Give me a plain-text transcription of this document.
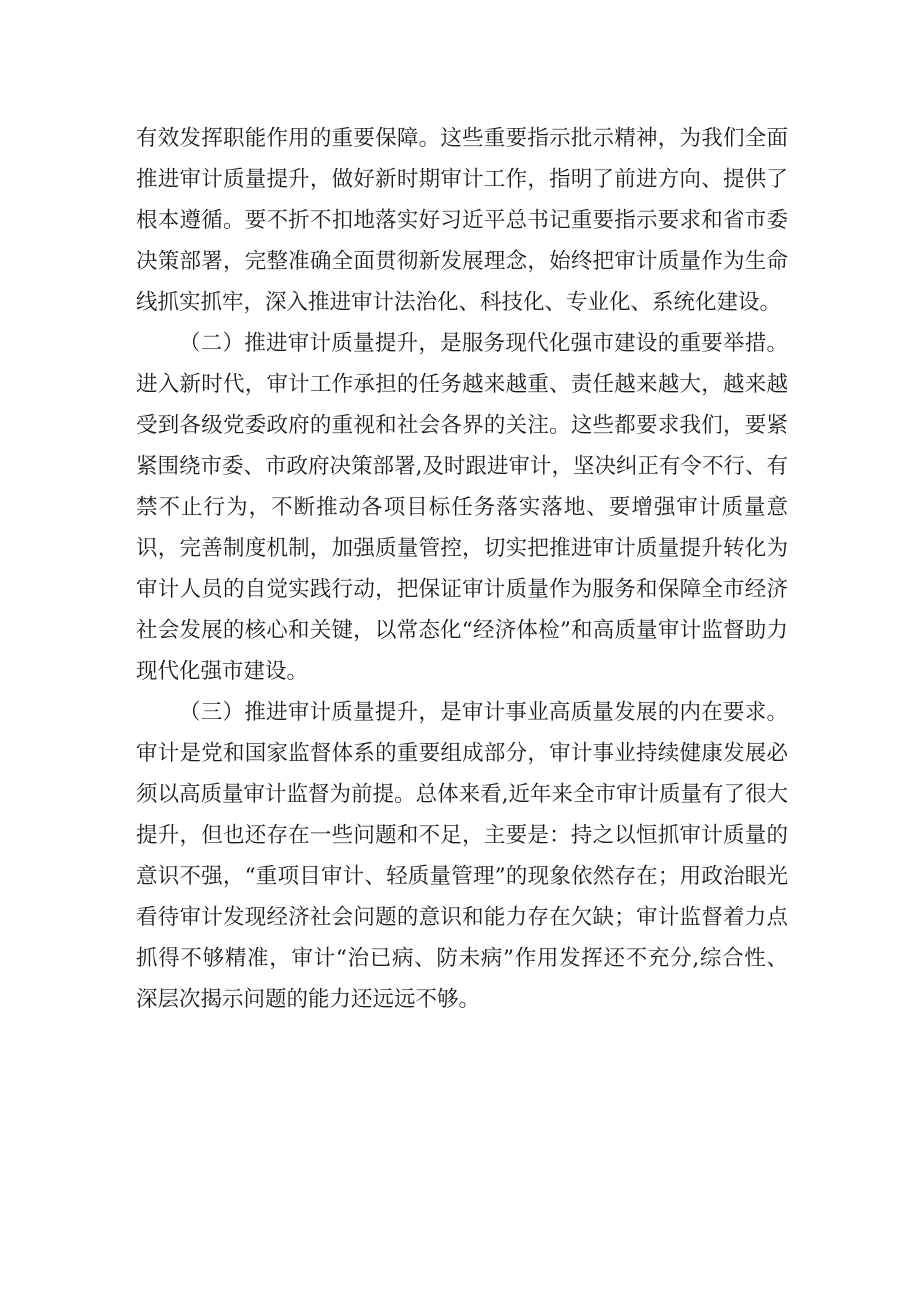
有效发挥职能作用的重要保障。这些重要指示批示精神，为我们全面推进审计质量提升，做好新时期审计工作，指明了前进方向、提供了根本遵循。要不折不扣地落实好习近平总书记重要指示要求和省市委决策部署，完整准确全面贯彻新发展理念，始终把审计质量作为生命线抓实抓牢，深入推进审计法治化、科技化、专业化、系统化建设。

（二）推进审计质量提升，是服务现代化强市建设的重要举措。进入新时代，审计工作承担的任务越来越重、责任越来越大，越来越受到各级党委政府的重视和社会各界的关注。这些都要求我们，要紧紧围绕市委、市政府决策部署,及时跟进审计，坚决纠正有令不行、有禁不止行为，不断推动各项目标任务落实落地、要增强审计质量意识，完善制度机制，加强质量管控，切实把推进审计质量提升转化为审计人员的自觉实践行动，把保证审计质量作为服务和保障全市经济社会发展的核心和关键，以常态化“经济体检”和高质量审计监督助力现代化强市建设。

（三）推进审计质量提升，是审计事业高质量发展的内在要求。审计是党和国家监督体系的重要组成部分，审计事业持续健康发展必须以高质量审计监督为前提。总体来看,近年来全市审计质量有了很大提升，但也还存在一些问题和不足，主要是：持之以恒抓审计质量的意识不强，“重项目审计、轻质量管理”的现象依然存在；用政治眼光看待审计发现经济社会问题的意识和能力存在欠缺；审计监督着力点抓得不够精准，审计“治已病、防未病”作用发挥还不充分,综合性、深层次揭示问题的能力还远远不够。
